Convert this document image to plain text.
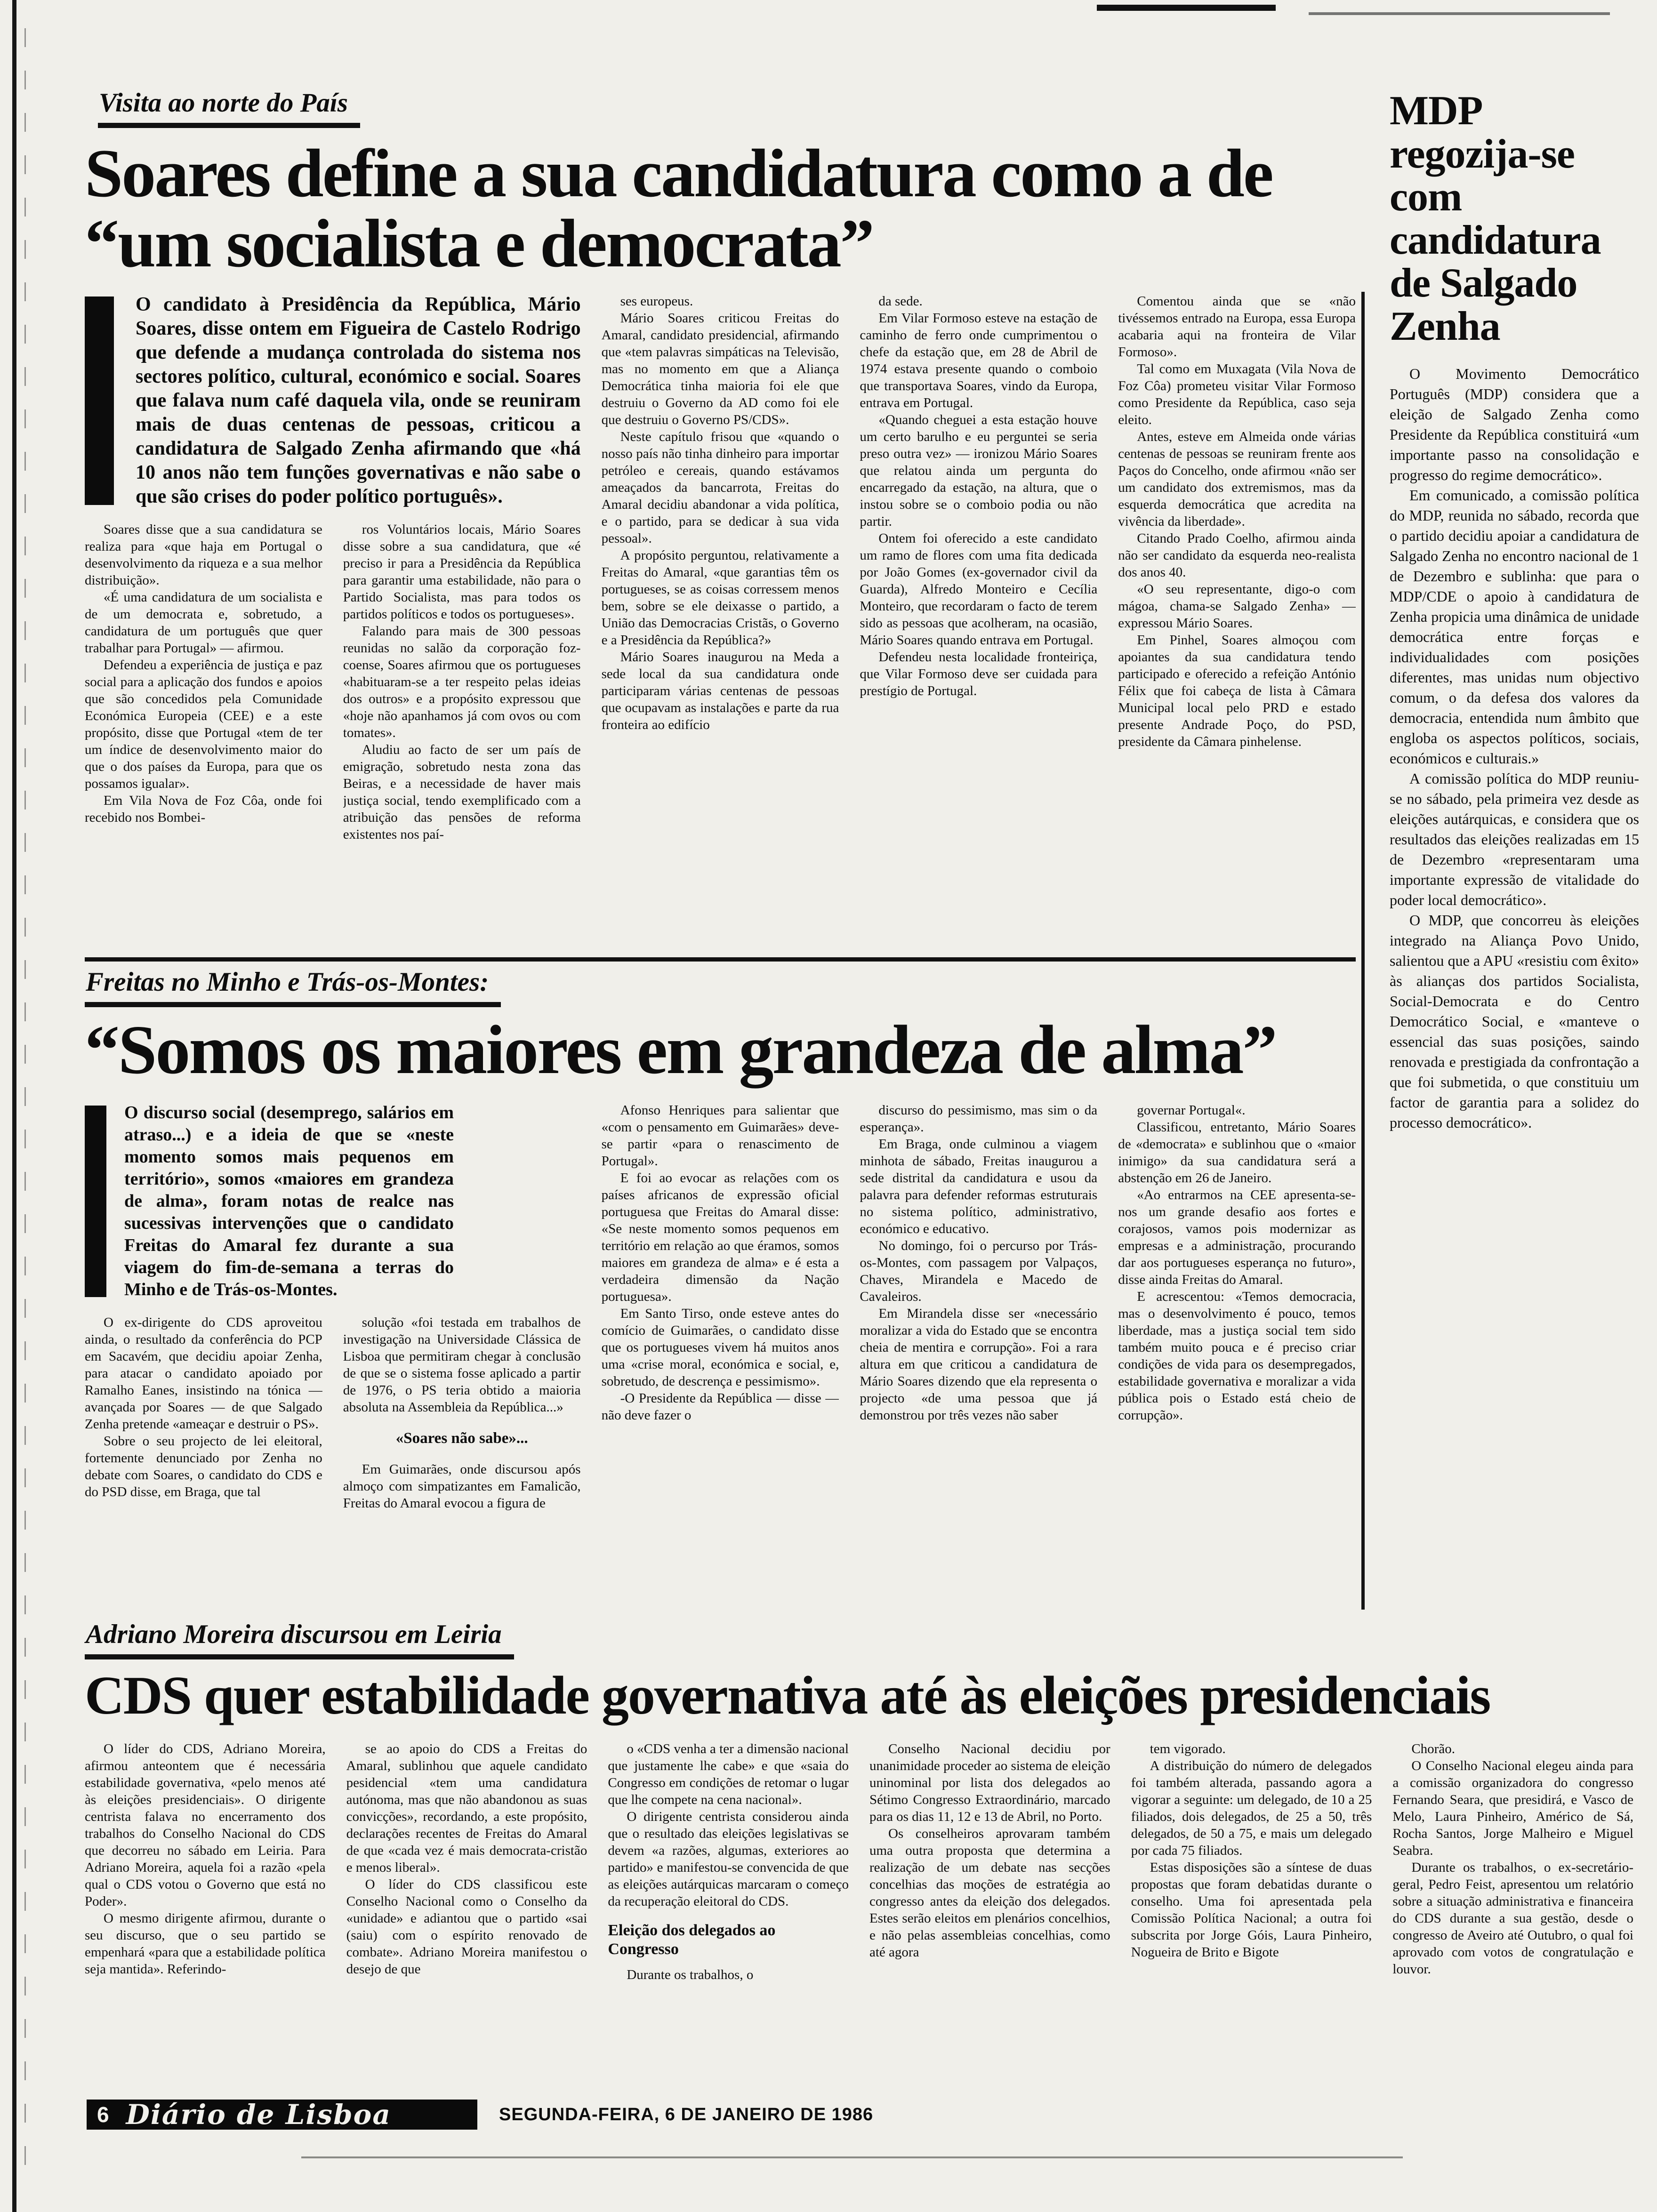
Visita ao norte do País
Soares define a sua candidatura como a de “um socialista e democrata”
O candidato à Presidência da República, Mário Soares, disse ontem em Figueira de Castelo Rodrigo que defende a mudança controlada do sistema nos sectores político, cultural, económico e social. Soares que falava num café daquela vila, onde se reuniram mais de duas centenas de pessoas, criticou a candidatura de Salgado Zenha afirmando que «há 10 anos não tem funções governativas e não sabe o que são crises do poder político português».

Soares disse que a sua candidatura se realiza para «que haja em Portugal o desenvolvimento da riqueza e a sua melhor distribuição».

«É uma candidatura de um socialista e de um democrata e, sobretudo, a candidatura de um português que quer trabalhar para Portugal» — afirmou.

Defendeu a experiência de justiça e paz social para a aplicação dos fundos e apoios que são concedidos pela Comunidade Económica Europeia (CEE) e a este propósito, disse que Portugal «tem de ter um índice de desenvolvimento maior do que o dos países da Europa, para que os possamos igualar».

Em Vila Nova de Foz Côa, onde foi recebido nos Bombei-

ros Voluntários locais, Mário Soares disse sobre a sua candidatura, que «é preciso ir para a Presidência da República para garantir uma estabilidade, não para o Partido Socialista, mas para todos os partidos políticos e todos os portugueses».

Falando para mais de 300 pessoas reunidas no salão da corporação foz-coense, Soares afirmou que os portugueses «habituaram-se a ter respeito pelas ideias dos outros» e a propósito expressou que «hoje não apanhamos já com ovos ou com tomates».

Aludiu ao facto de ser um país de emigração, sobretudo nesta zona das Beiras, e a necessidade de haver mais justiça social, tendo exemplificado com a atribuição das pensões de reforma existentes nos paí-

ses europeus.

Mário Soares criticou Freitas do Amaral, candidato presidencial, afirmando que «tem palavras simpáticas na Televisão, mas no momento em que a Aliança Democrática tinha maioria foi ele que destruiu o Governo da AD como foi ele que destruiu o Governo PS/CDS».

Neste capítulo frisou que «quando o nosso país não tinha dinheiro para importar petróleo e cereais, quando estávamos ameaçados da bancarrota, Freitas do Amaral decidiu abandonar a vida política, e o partido, para se dedicar à sua vida pessoal».

A propósito perguntou, relativamente a Freitas do Amaral, «que garantias têm os portugueses, se as coisas corressem menos bem, sobre se ele deixasse o partido, a União das Democracias Cristãs, o Governo e a Presidência da República?»

Mário Soares inaugurou na Meda a sede local da sua candidatura onde participaram várias centenas de pessoas que ocupavam as instalações e parte da rua fronteira ao edifício

da sede.

Em Vilar Formoso esteve na estação de caminho de ferro onde cumprimentou o chefe da estação que, em 28 de Abril de 1974 estava presente quando o comboio que transportava Soares, vindo da Europa, entrava em Portugal.

«Quando cheguei a esta estação houve um certo barulho e eu perguntei se seria preso outra vez» — ironizou Mário Soares que relatou ainda um pergunta do encarregado da estação, na altura, que o instou sobre se o comboio podia ou não partir.

Ontem foi oferecido a este candidato um ramo de flores com uma fita dedicada por João Gomes (ex-governador civil da Guarda), Alfredo Monteiro e Cecília Monteiro, que recordaram o facto de terem sido as pessoas que acolheram, na ocasião, Mário Soares quando entrava em Portugal.

Defendeu nesta localidade fronteiriça, que Vilar Formoso deve ser cuidada para prestígio de Portugal.

Comentou ainda que se «não tivéssemos entrado na Europa, essa Europa acabaria aqui na fronteira de Vilar Formoso».

Tal como em Muxagata (Vila Nova de Foz Côa) prometeu visitar Vilar Formoso como Presidente da República, caso seja eleito.

Antes, esteve em Almeida onde várias centenas de pessoas se reuniram frente aos Paços do Concelho, onde afirmou «não ser um candidato dos extremismos, mas da esquerda democrática que acredita na vivência da liberdade».

Citando Prado Coelho, afirmou ainda não ser candidato da esquerda neo-realista dos anos 40.

«O seu representante, digo-o com mágoa, chama-se Salgado Zenha» — expressou Mário Soares.

Em Pinhel, Soares almoçou com apoiantes da sua candidatura tendo participado e oferecido a refeição António Félix que foi cabeça de lista à Câmara Municipal local pelo PRD e estado presente Andrade Poço, do PSD, presidente da Câmara pinhelense.

MDP regozija-se com candidatura de Salgado Zenha

O Movimento Democrático Português (MDP) considera que a eleição de Salgado Zenha como Presidente da República constituirá «um importante passo na consolidação e progresso do regime democrático».

Em comunicado, a comissão política do MDP, reunida no sábado, recorda que o partido decidiu apoiar a candidatura de Salgado Zenha no encontro nacional de 1 de Dezembro e sublinha: que para o MDP/CDE o apoio à candidatura de Zenha propicia uma dinâmica de unidade democrática entre forças e individualidades com posições diferentes, mas unidas num objectivo comum, o da defesa dos valores da democracia, entendida num âmbito que engloba os aspectos políticos, sociais, económicos e culturais.»

A comissão política do MDP reuniu-se no sábado, pela primeira vez desde as eleições autárquicas, e considera que os resultados das eleições realizadas em 15 de Dezembro «representaram uma importante expressão de vitalidade do poder local democrático».

O MDP, que concorreu às eleições integrado na Aliança Povo Unido, salientou que a APU «resistiu com êxito» às alianças dos partidos Socialista, Social-Democrata e do Centro Democrático Social, e «manteve o essencial das suas posições, saindo renovada e prestigiada da confrontação a que foi submetida, o que constituiu um factor de garantia para a solidez do processo democrático».

Freitas no Minho e Trás-os-Montes:
“Somos os maiores em grandeza de alma”
O discurso social (desemprego, salários em atraso...) e a ideia de que se «neste momento somos mais pequenos em território», somos «maiores em grandeza de alma», foram notas de realce nas sucessivas intervenções que o candidato Freitas do Amaral fez durante a sua viagem do fim-de-semana a terras do Minho e de Trás-os-Montes.

O ex-dirigente do CDS aproveitou ainda, o resultado da conferência do PCP em Sacavém, que decidiu apoiar Zenha, para atacar o candidato apoiado por Ramalho Eanes, insistindo na tónica — avançada por Soares — de que Salgado Zenha pretende «ameaçar e destruir o PS».

Sobre o seu projecto de lei eleitoral, fortemente denunciado por Zenha no debate com Soares, o candidato do CDS e do PSD disse, em Braga, que tal

solução «foi testada em trabalhos de investigação na Universidade Clássica de Lisboa que permitiram chegar à conclusão de que se o sistema fosse aplicado a partir de 1976, o PS teria obtido a maioria absoluta na Assembleia da República...»

«Soares não sabe»...

Em Guimarães, onde discursou após almoço com simpatizantes em Famalicão, Freitas do Amaral evocou a figura de

Afonso Henriques para salientar que «com o pensamento em Guimarães» deve-se partir «para o renascimento de Portugal».

E foi ao evocar as relações com os países africanos de expressão oficial portuguesa que Freitas do Amaral disse: «Se neste momento somos pequenos em território em relação ao que éramos, somos maiores em grandeza de alma» e é esta a verdadeira dimensão da Nação portuguesa».

Em Santo Tirso, onde esteve antes do comício de Guimarães, o candidato disse que os portugueses vivem há muitos anos uma «crise moral, económica e social, e, sobretudo, de descrença e pessimismo».

-O Presidente da República — disse — não deve fazer o

discurso do pessimismo, mas sim o da esperança».

Em Braga, onde culminou a viagem minhota de sábado, Freitas inaugurou a sede distrital da candidatura e usou da palavra para defender reformas estruturais no sistema político, administrativo, económico e educativo.

No domingo, foi o percurso por Trás-os-Montes, com passagem por Valpaços, Chaves, Mirandela e Macedo de Cavaleiros.

Em Mirandela disse ser «necessário moralizar a vida do Estado que se encontra cheia de mentira e corrupção». Foi a rara altura em que criticou a candidatura de Mário Soares dizendo que ela representa o projecto «de uma pessoa que já demonstrou por três vezes não saber

governar Portugal«.

Classificou, entretanto, Mário Soares de «democrata» e sublinhou que o «maior inimigo» da sua candidatura será a abstenção em 26 de Janeiro.

«Ao entrarmos na CEE apresenta-se-nos um grande desafio aos fortes e corajosos, vamos pois modernizar as empresas e a administração, procurando dar aos portugueses esperança no futuro», disse ainda Freitas do Amaral.

E acrescentou: «Temos democracia, mas o desenvolvimento é pouco, temos liberdade, mas a justiça social tem sido também muito pouca e é preciso criar condições de vida para os desempregados, estabilidade governativa e moralizar a vida pública pois o Estado está cheio de corrupção».

Adriano Moreira discursou em Leiria
CDS quer estabilidade governativa até às eleições presidenciais

O líder do CDS, Adriano Moreira, afirmou anteontem que é necessária estabilidade governativa, «pelo menos até às eleições presidenciais». O dirigente centrista falava no encerramento dos trabalhos do Conselho Nacional do CDS que decorreu no sábado em Leiria. Para Adriano Moreira, aquela foi a razão «pela qual o CDS votou o Governo que está no Poder».

O mesmo dirigente afirmou, durante o seu discurso, que o seu partido se empenhará «para que a estabilidade política seja mantida». Referindo-

se ao apoio do CDS a Freitas do Amaral, sublinhou que aquele candidato pesidencial «tem uma candidatura autónoma, mas que não abandonou as suas convicções», recordando, a este propósito, declarações recentes de Freitas do Amaral de que «cada vez é mais democrata-cristão e menos liberal».

O líder do CDS classificou este Conselho Nacional como o Conselho da «unidade» e adiantou que o partido «sai (saiu) com o espírito renovado de combate». Adriano Moreira manifestou o desejo de que

o «CDS venha a ter a dimensão nacional que justamente lhe cabe» e que «saia do Congresso em condições de retomar o lugar que lhe compete na cena nacional».

O dirigente centrista considerou ainda que o resultado das eleições legislativas se devem «a razões, algumas, exteriores ao partido» e manifestou-se convencida de que as eleições autárquicas marcaram o começo da recuperação eleitoral do CDS.

Eleição dos delegados ao Congresso

Durante os trabalhos, o

Conselho Nacional decidiu por unanimidade proceder ao sistema de eleição uninominal por lista dos delegados ao Sétimo Congresso Extraordinário, marcado para os dias 11, 12 e 13 de Abril, no Porto.

Os conselheiros aprovaram também uma outra proposta que determina a realização de um debate nas secções concelhias das moções de estratégia ao congresso antes da eleição dos delegados. Estes serão eleitos em plenários concelhios, e não pelas assembleias concelhias, como até agora

tem vigorado.

A distribuição do número de delegados foi também alterada, passando agora a vigorar a seguinte: um delegado, de 10 a 25 filiados, dois delegados, de 25 a 50, três delegados, de 50 a 75, e mais um delegado por cada 75 filiados.

Estas disposições são a síntese de duas propostas que foram debatidas durante o conselho. Uma foi apresentada pela Comissão Política Nacional; a outra foi subscrita por Jorge Góis, Laura Pinheiro, Nogueira de Brito e Bigote

Chorão.

O Conselho Nacional elegeu ainda para a comissão organizadora do congresso Fernando Seara, que presidirá, e Vasco de Melo, Laura Pinheiro, Américo de Sá, Rocha Santos, Jorge Malheiro e Miguel Seabra.

Durante os trabalhos, o ex-secretário-geral, Pedro Feist, apresentou um relatório sobre a situação administrativa e financeira do CDS durante a sua gestão, desde o congresso de Aveiro até Outubro, o qual foi aprovado com votos de congratulação e louvor.

6 Diário de Lisboa	SEGUNDA-FEIRA, 6 DE JANEIRO DE 1986
